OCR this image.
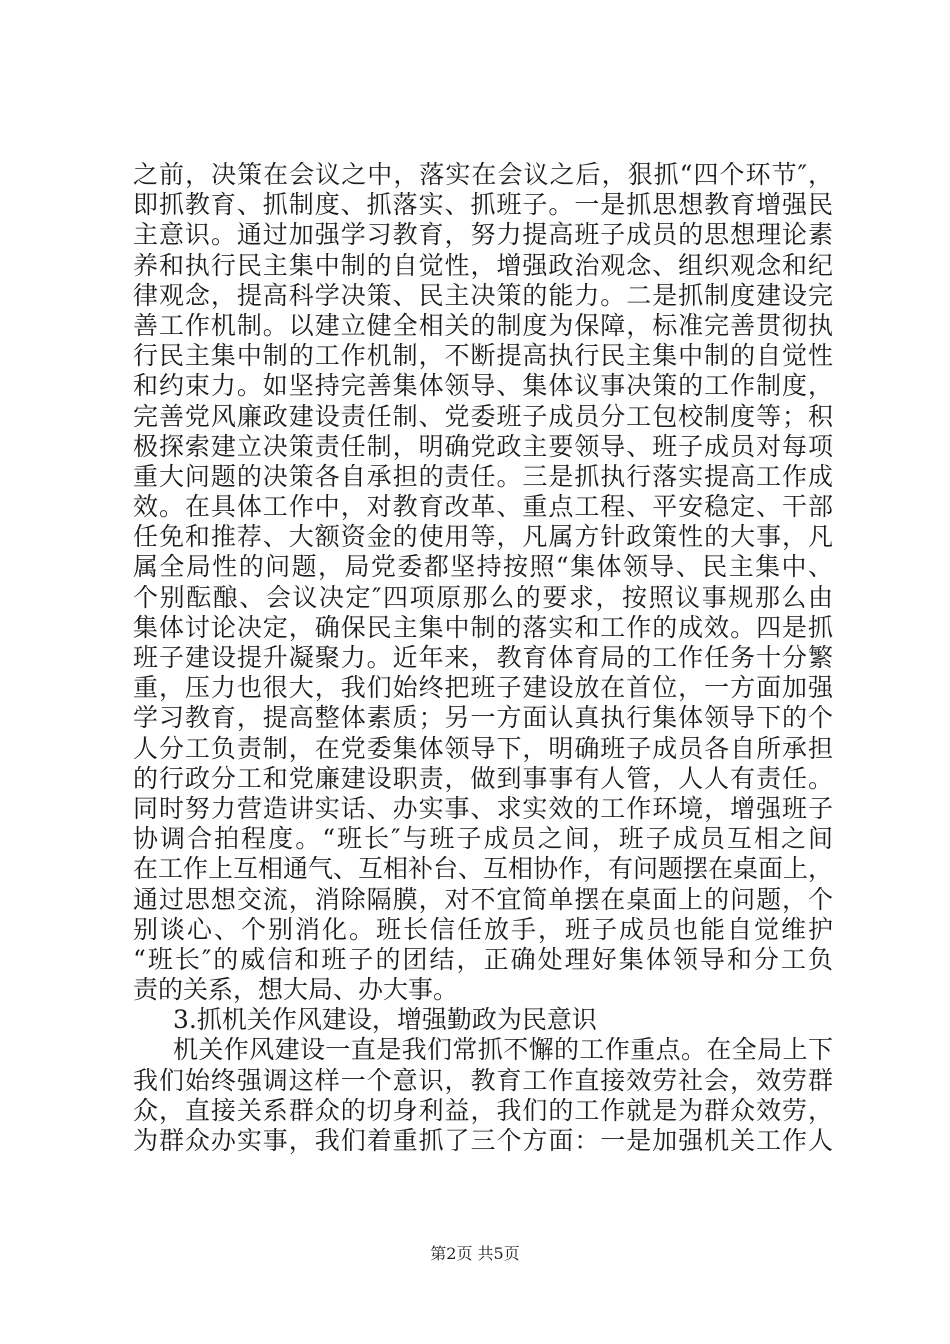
之前，决策在会议之中，落实在会议之后，狠抓“四个环节″，
即抓教育、抓制度、抓落实、抓班子。一是抓思想教育增强民
主意识。通过加强学习教育，努力提高班子成员的思想理论素
养和执行民主集中制的自觉性，增强政治观念、组织观念和纪
律观念，提高科学决策、民主决策的能力。二是抓制度建设完
善工作机制。以建立健全相关的制度为保障，标准完善贯彻执
行民主集中制的工作机制，不断提高执行民主集中制的自觉性
和约束力。如坚持完善集体领导、集体议事决策的工作制度，
完善党风廉政建设责任制、党委班子成员分工包校制度等；积
极探索建立决策责任制，明确党政主要领导、班子成员对每项
重大问题的决策各自承担的责任。三是抓执行落实提高工作成
效。在具体工作中，对教育改革、重点工程、平安稳定、干部
任免和推荐、大额资金的使用等，凡属方针政策性的大事，凡
属全局性的问题，局党委都坚持按照“集体领导、民主集中、
个别酝酿、会议决定″四项原那么的要求，按照议事规那么由
集体讨论决定，确保民主集中制的落实和工作的成效。四是抓
班子建设提升凝聚力。近年来，教育体育局的工作任务十分繁
重，压力也很大，我们始终把班子建设放在首位，一方面加强
学习教育，提高整体素质；另一方面认真执行集体领导下的个
人分工负责制，在党委集体领导下，明确班子成员各自所承担
的行政分工和党廉建设职责，做到事事有人管，人人有责任。
同时努力营造讲实话、办实事、求实效的工作环境，增强班子
协调合拍程度。“班长″与班子成员之间，班子成员互相之间
在工作上互相通气、互相补台、互相协作，有问题摆在桌面上，
通过思想交流，消除隔膜，对不宜简单摆在桌面上的问题，个
别谈心、个别消化。班长信任放手，班子成员也能自觉维护
“班长″的威信和班子的团结，正确处理好集体领导和分工负
责的关系，想大局、办大事。
3.抓机关作风建设，增强勤政为民意识
机关作风建设一直是我们常抓不懈的工作重点。在全局上下
我们始终强调这样一个意识，教育工作直接效劳社会，效劳群
众，直接关系群众的切身利益，我们的工作就是为群众效劳，
为群众办实事，我们着重抓了三个方面：一是加强机关工作人
第2页 共5页
